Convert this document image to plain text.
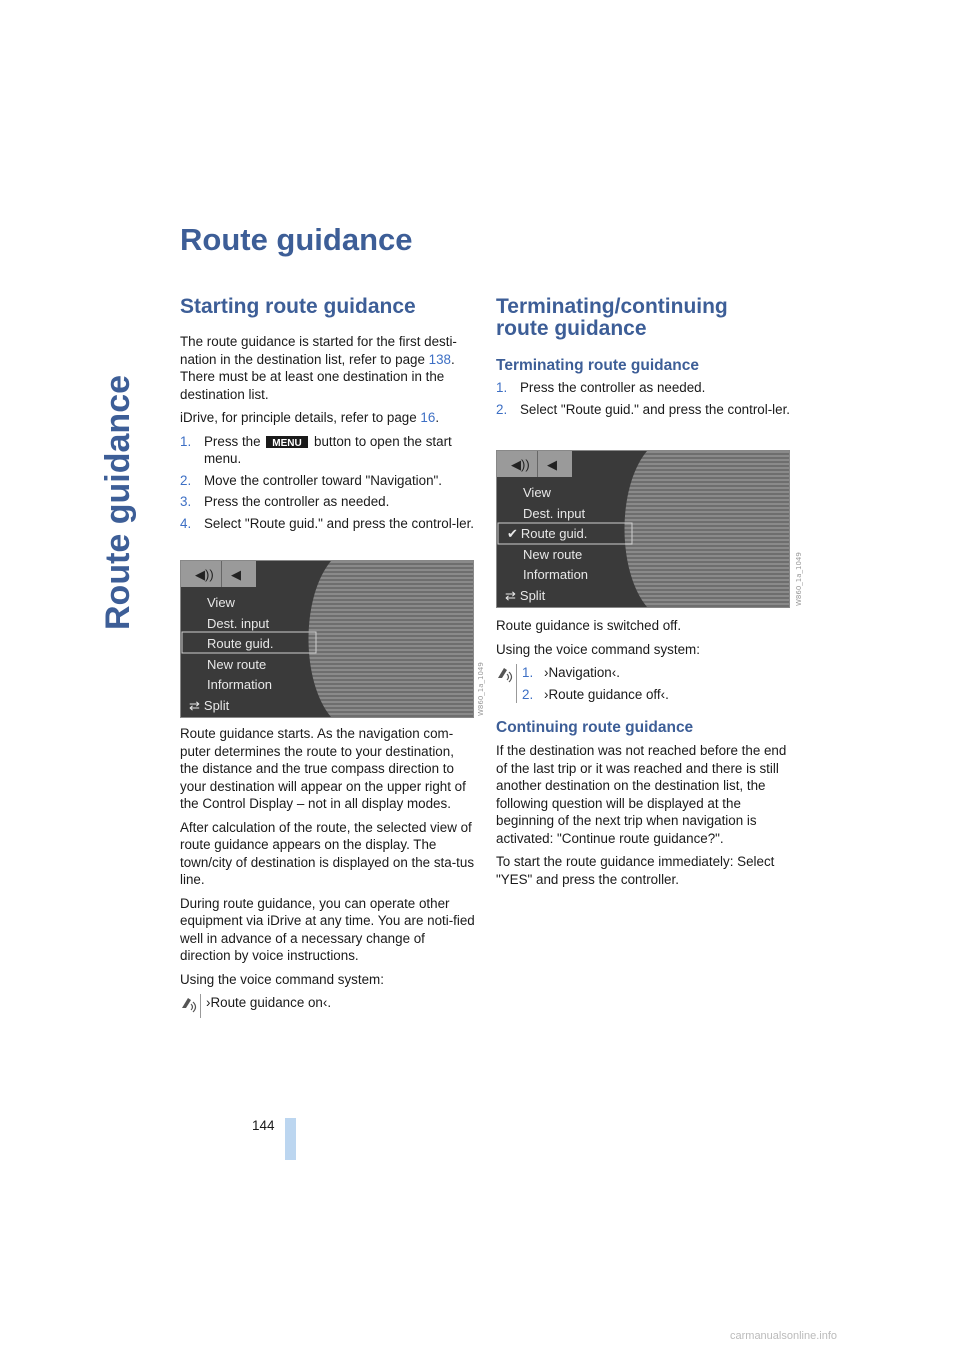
Route guidance
Route guidance
Starting route guidance

The route guidance is started for the first desti-nation in the destination list, refer to page 138. There must be at least one destination in the destination list.

iDrive, for principle details, refer to page 16.

1. Press the MENU button to open the start menu.
2. Move the controller toward "Navigation".
3. Press the controller as needed.
4. Select "Route guid." and press the control-ler.
◀)) ◀
View
Dest. input
Route guid.
New route
Information
⇄ Split	W860_1a_1049

Route guidance starts. As the navigation com-puter determines the route to your destination, the distance and the true compass direction to your destination will appear on the upper right of the Control Display – not in all display modes.

After calculation of the route, the selected view of route guidance appears on the display. The town/city of destination is displayed on the sta-tus line.

During route guidance, you can operate other equipment via iDrive at any time. You are noti-fied well in advance of a necessary change of direction by voice instructions.

Using the voice command system:

›Route guidance on‹.
Terminating/continuing
route guidance
Terminating route guidance
1. Press the controller as needed.
2. Select "Route guid." and press the control-ler.
◀)) ◀
View
Dest. input
✔ Route guid.
New route
Information
⇄ Split	W860_1a_1049

Route guidance is switched off.

Using the voice command system:

1. ›Navigation‹.
2. ›Route guidance off‹.
Continuing route guidance

If the destination was not reached before the end of the last trip or it was reached and there is still another destination on the destination list, the following question will be displayed at the beginning of the next trip when navigation is activated: "Continue route guidance?".

To start the route guidance immediately: Select "YES" and press the controller.

144
carmanualsonline.info
